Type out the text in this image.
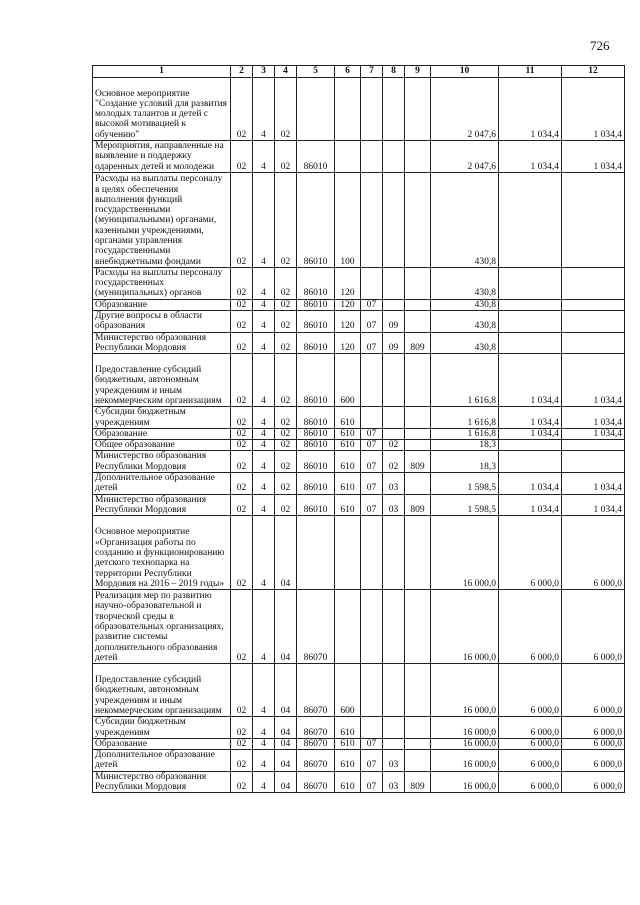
726
1	2	3	4	5	6	7	8	9	10	11	12
Основное мероприятие "Создание условий для развития молодых талантов и детей с высокой мотивацией к обучению"	02	4	02						2 047,6	1 034,4	1 034,4
Мероприятия, направленные на выявление и поддержку одаренных детей и молодежи	02	4	02	86010					2 047,6	1 034,4	1 034,4
Расходы на выплаты персоналу в целях обеспечения выполнения функций государственными (муниципальными) органами, казенными учреждениями, органами управления государственными внебюджетными фондами	02	4	02	86010	100				430,8		
Расходы на выплаты персоналу государственных (муниципальных) органов	02	4	02	86010	120				430,8		
Образование	02	4	02	86010	120	07			430,8		
Другие вопросы в области образования	02	4	02	86010	120	07	09		430,8		
Министерство образования Республики Мордовия	02	4	02	86010	120	07	09	809	430,8		
Предоставление субсидий бюджетным, автономным учреждениям и иным некоммерческим организациям	02	4	02	86010	600				1 616,8	1 034,4	1 034,4
Субсидии бюджетным учреждениям	02	4	02	86010	610				1 616,8	1 034,4	1 034,4
Образование	02	4	02	86010	610	07			1 616,8	1 034,4	1 034,4
Общее образование	02	4	02	86010	610	07	02		18,3		
Министерство образования Республики Мордовия	02	4	02	86010	610	07	02	809	18,3		
Дополнительное образование детей	02	4	02	86010	610	07	03		1 598,5	1 034,4	1 034,4
Министерство образования Республики Мордовия	02	4	02	86010	610	07	03	809	1 598,5	1 034,4	1 034,4
Основное мероприятие «Организация работы по созданию и функционированию детского технопарка на территории Республики Мордовия на 2016 – 2019 годы»	02	4	04						16 000,0	6 000,0	6 000,0
Реализация мер по развитию научно-образовательной и творческой среды в образовательных организациях, развитие системы дополнительного образования детей	02	4	04	86070					16 000,0	6 000,0	6 000,0
Предоставление субсидий бюджетным, автономным учреждениям и иным некоммерческим организациям	02	4	04	86070	600				16 000,0	6 000,0	6 000,0
Субсидии бюджетным учреждениям	02	4	04	86070	610				16 000,0	6 000,0	6 000,0
Образование	02	4	04	86070	610	07			16 000,0	6 000,0	6 000,0
Дополнительное образование детей	02	4	04	86070	610	07	03		16 000,0	6 000,0	6 000,0
Министерство образования Республики Мордовия	02	4	04	86070	610	07	03	809	16 000,0	6 000,0	6 000,0
